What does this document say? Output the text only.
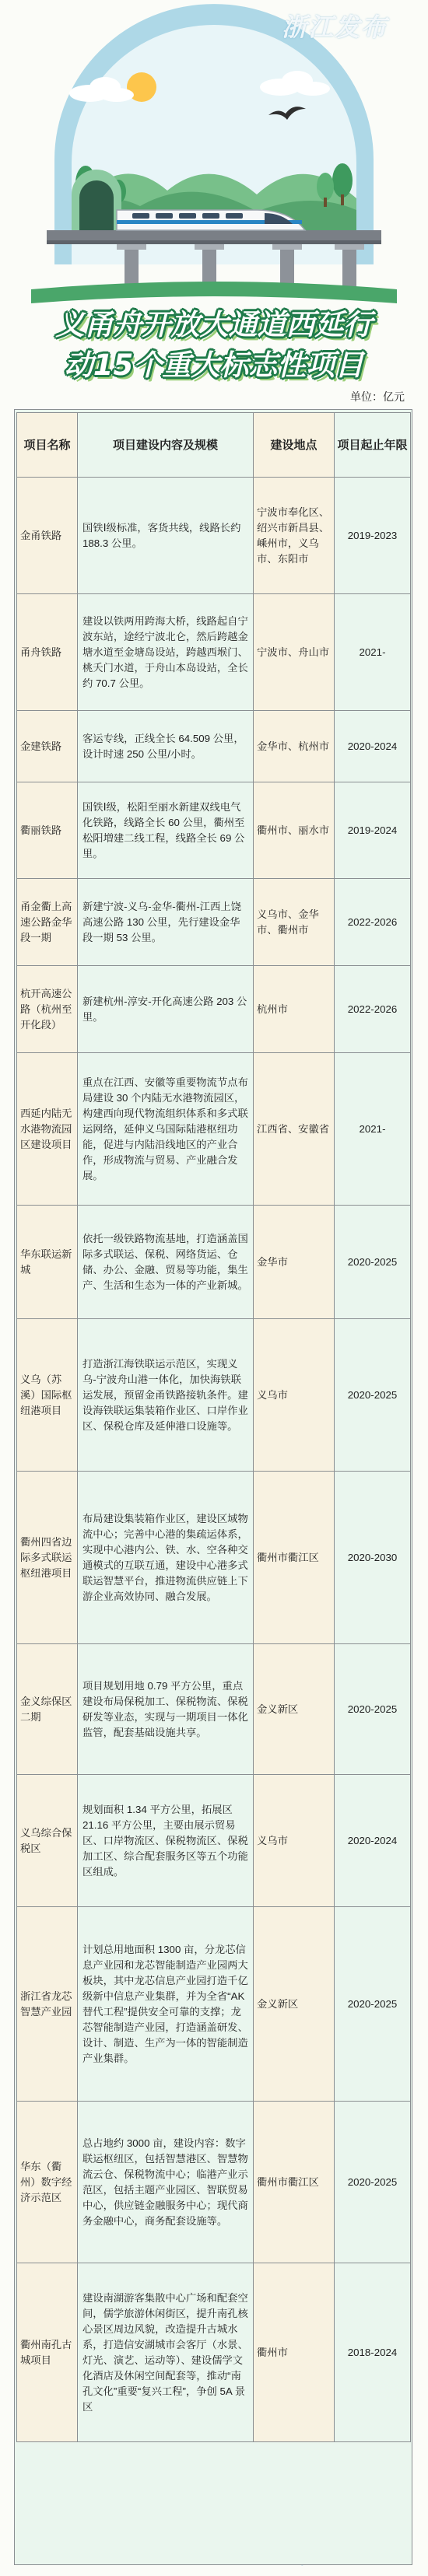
浙江发布
义甬舟开放大通道西延行
动15个重大标志性项目
单位：亿元
项目名称	项目建设内容及规模	建设地点	项目起止年限
金甬铁路	国铁Ⅰ级标准，客货共线，线路长约 188.3 公里。	宁波市奉化区、绍兴市新昌县、嵊州市，义乌市、东阳市	2019-2023
甬舟铁路	建设以铁两用跨海大桥，线路起自宁波东站，途经宁波北仑，然后跨越金塘水道至金塘岛设站，跨越西堠门、桃夭门水道，于舟山本岛设站，全长约 70.7 公里。	宁波市、舟山市	2021-
金建铁路	客运专线，正线全长 64.509 公里，设计时速 250 公里/小时。	金华市、杭州市	2020-2024
衢丽铁路	国铁Ⅰ级，松阳至丽水新建双线电气化铁路，线路全长 60 公里，衢州至松阳増建二线工程，线路全长 69 公里。	衢州市、丽水市	2019-2024
甬金衢上高速公路金华段一期	新建宁波-义乌-金华-衢州-江西上饶高速公路 130 公里，先行建设金华段一期 53 公里。	义乌市、金华市、衢州市	2022-2026
杭开高速公路（杭州至开化段）	新建杭州-淳安-开化高速公路 203 公里。	杭州市	2022-2026
西延内陆无水港物流园区建设项目	重点在江西、安徽等重要物流节点布局建设 30 个内陆无水港物流园区，构建西向现代物流组织体系和多式联运网络，延伸义乌国际陆港枢纽功能，促进与内陆沿线地区的产业合作，形成物流与贸易、产业融合发展。	江西省、安徽省	2021-
华东联运新城	依托一级铁路物流基地，打造涵盖国际多式联运、保税、网络货运、仓储、办公、金融、贸易等功能，集生产、生活和生态为一体的产业新城。	金华市	2020-2025
义乌（苏溪）国际枢纽港项目	打造浙江海铁联运示范区，实现义乌-宁波舟山港一体化，加快海铁联运发展，预留金甬铁路接轨条件。建设海铁联运集装箱作业区、口岸作业区、保税仓库及延伸港口设施等。	义乌市	2020-2025
衢州四省边际多式联运枢纽港项目	布局建设集装箱作业区，建设区域物流中心；完善中心港的集疏运体系，实现中心港内公、铁、水、空各种交通模式的互联互通，建设中心港多式联运智慧平台，推进物流供应链上下游企业高效协同、融合发展。	衢州市衢江区	2020-2030
金义综保区二期	项目规划用地 0.79 平方公里，重点建设布局保税加工、保税物流、保税研发等业态，实现与一期项目一体化监管，配套基础设施共享。	金义新区	2020-2025
义乌综合保税区	规划面积 1.34 平方公里，拓展区 21.16 平方公里，主要由展示贸易区、口岸物流区、保税物流区、保税加工区、综合配套服务区等五个功能区组成。	义乌市	2020-2024
浙江省龙芯智慧产业园	计划总用地面积 1300 亩，分龙芯信息产业园和龙芯智能制造产业园两大板块，其中龙芯信息产业园打造千亿级新中信息产业集群，并为全省“AK 替代工程”提供安全可靠的支撑；龙芯智能制造产业园，打造涵盖研发、设计、制造、生产为一体的智能制造产业集群。	金义新区	2020-2025
华东（衢州）数字经济示范区	总占地约 3000 亩，建设内容：数字联运枢纽区，包括智慧港区、智慧物流云仓、保税物流中心；临港产业示范区，包括主题产业园区、智联贸易中心，供应链金融服务中心；现代商务金融中心，商务配套设施等。	衢州市衢江区	2020-2025
衢州南孔古城项目	建设南湖游客集散中心广场和配套空间，儒学旅游休闲街区，提升南孔核心景区周边风貌，改造提升古城水系，打造信安湖城市会客厅（水景、灯光、演艺、运动等）、建设儒学文化酒店及休闲空间配套等，推动“南孔文化”重要“复兴工程”，争创 5A 景区	衢州市	2018-2024
